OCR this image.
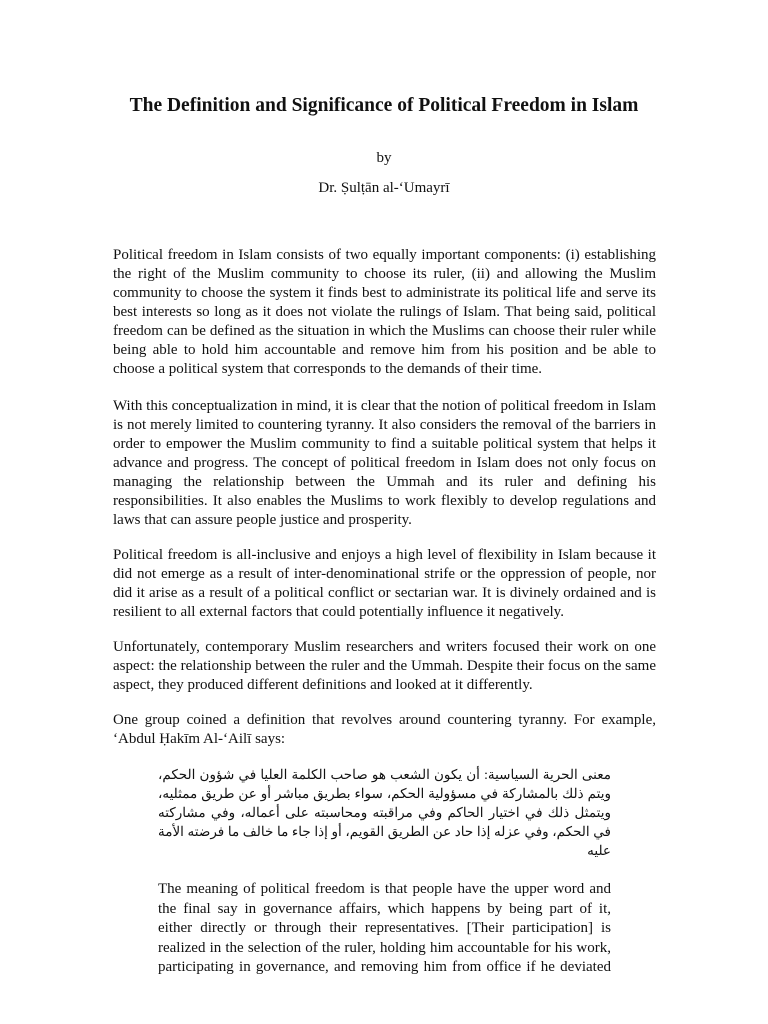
The Definition and Significance of Political Freedom in Islam
by
Dr. Ṣulṭān al-‘Umayrī

Political freedom in Islam consists of two equally important components: (i) establishing the right of the Muslim community to choose its ruler, (ii) and allowing the Muslim community to choose the system it finds best to administrate its political life and serve its best interests so long as it does not violate the rulings of Islam. That being said, political freedom can be defined as the situation in which the Muslims can choose their ruler while being able to hold him accountable and remove him from his position and be able to choose a political system that corresponds to the demands of their time.

With this conceptualization in mind, it is clear that the notion of political freedom in Islam is not merely limited to countering tyranny. It also considers the removal of the barriers in order to empower the Muslim community to find a suitable political system that helps it advance and progress. The concept of political freedom in Islam does not only focus on managing the relationship between the Ummah and its ruler and defining his responsibilities. It also enables the Muslims to work flexibly to develop regulations and laws that can assure people justice and prosperity.

Political freedom is all-inclusive and enjoys a high level of flexibility in Islam because it did not emerge as a result of inter-denominational strife or the oppression of people, nor did it arise as a result of a political conflict or sectarian war. It is divinely ordained and is resilient to all external factors that could potentially influence it negatively.

Unfortunately, contemporary Muslim researchers and writers focused their work on one aspect: the relationship between the ruler and the Ummah. Despite their focus on the same aspect, they produced different definitions and looked at it differently.

One group coined a definition that revolves around countering tyranny. For example, ‘Abdul Ḥakīm Al-‘Ailī says:

معنى الحرية السياسية: أن يكون الشعب هو صاحب الكلمة العليا في شؤون الحكم، ويتم ذلك بالمشاركة في مسؤولية الحكم، سواء بطريق مباشر أو عن طريق ممثليه، ويتمثل ذلك في اختيار الحاكم وفي مراقبته ومحاسبته على أعماله، وفي مشاركته في الحكم، وفي عزله إذا حاد عن الطريق القويم، أو إذا جاء ما خالف ما فرضته الأمة عليه
The meaning of political freedom is that people have the upper word and the final say in governance affairs, which happens by being part of it, either directly or through their representatives. [Their participation] is realized in the selection of the ruler, holding him accountable for his work, participating in governance, and removing him from office if he deviated
